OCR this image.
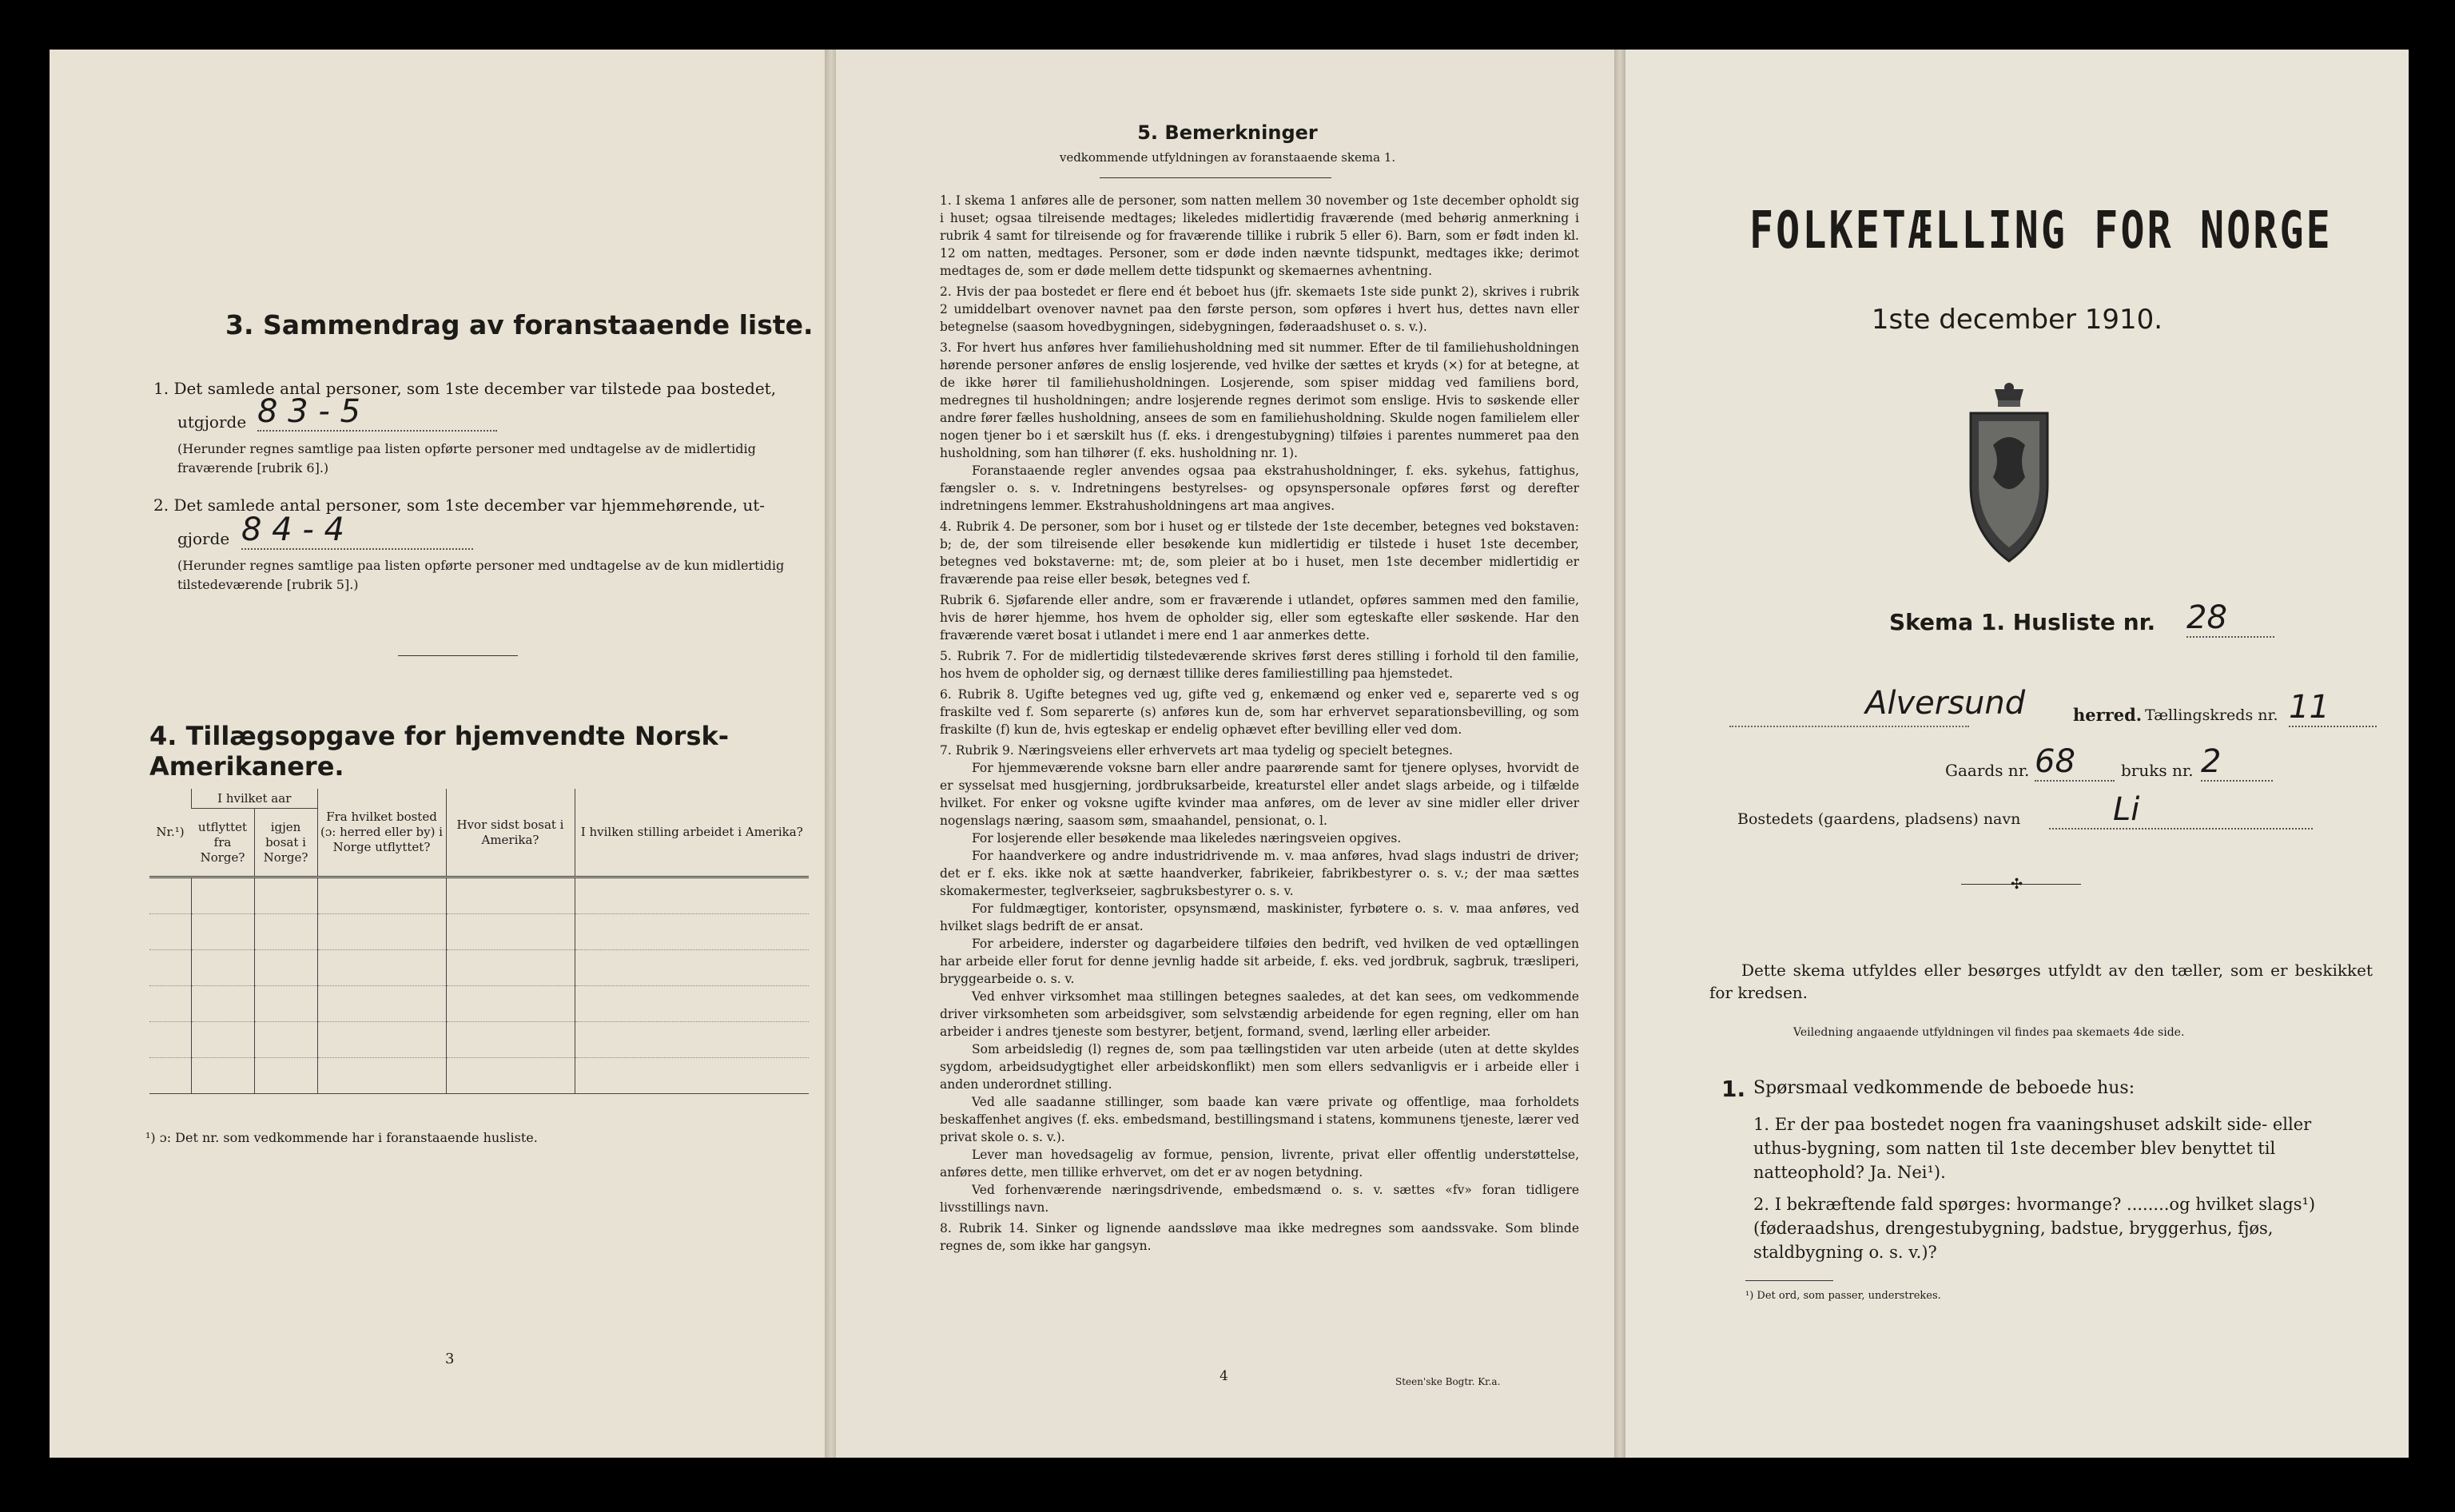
3. Sammendrag av foranstaaende liste.
1. Det samlede antal personer, som 1ste december var tilstede paa bostedet,
utgjorde 8 3 - 5
(Herunder regnes samtlige paa listen opførte personer med undtagelse av de midlertidig fraværende [rubrik 6].)
2. Det samlede antal personer, som 1ste december var hjemmehørende, ut-
gjorde 8 4 - 4
(Herunder regnes samtlige paa listen opførte personer med undtagelse av de kun midlertidig tilstedeværende [rubrik 5].)
4. Tillægsopgave for hjemvendte Norsk-Amerikanere.
Nr.¹)	I hvilket aar		Fra hvilket bosted (ɔ: herred eller by) i Norge utflyttet?	Hvor sidst bosat i Amerika?	I hvilken stilling arbeidet i Amerika?
	utflyttet fra Norge?	igjen bosat i Norge?			

¹) ɔ: Det nr. som vedkommende har i foranstaaende husliste.
3
5. Bemerkninger
vedkommende utfyldningen av foranstaaende skema 1.

1. I skema 1 anføres alle de personer, som natten mellem 30 november og 1ste december opholdt sig i huset; ogsaa tilreisende medtages; likeledes midlertidig fraværende (med behørig anmerkning i rubrik 4 samt for tilreisende og for fraværende tillike i rubrik 5 eller 6). Barn, som er født inden kl. 12 om natten, medtages. Personer, som er døde inden nævnte tidspunkt, medtages ikke; derimot medtages de, som er døde mellem dette tidspunkt og skemaernes avhentning.

2. Hvis der paa bostedet er flere end ét beboet hus (jfr. skemaets 1ste side punkt 2), skrives i rubrik 2 umiddelbart ovenover navnet paa den første person, som opføres i hvert hus, dettes navn eller betegnelse (saasom hovedbygningen, sidebygningen, føderaadshuset o. s. v.).

3. For hvert hus anføres hver familiehusholdning med sit nummer. Efter de til familiehusholdningen hørende personer anføres de enslig losjerende, ved hvilke der sættes et kryds (×) for at betegne, at de ikke hører til familiehusholdningen. Losjerende, som spiser middag ved familiens bord, medregnes til husholdningen; andre losjerende regnes derimot som enslige. Hvis to søskende eller andre fører fælles husholdning, ansees de som en familiehusholdning. Skulde nogen familielem eller nogen tjener bo i et særskilt hus (f. eks. i drengestubygning) tilføies i parentes nummeret paa den husholdning, som han tilhører (f. eks. husholdning nr. 1).

Foranstaaende regler anvendes ogsaa paa ekstrahusholdninger, f. eks. sykehus, fattighus, fængsler o. s. v. Indretningens bestyrelses- og opsynspersonale opføres først og derefter indretningens lemmer. Ekstrahusholdningens art maa angives.

4. Rubrik 4. De personer, som bor i huset og er tilstede der 1ste december, betegnes ved bokstaven: b; de, der som tilreisende eller besøkende kun midlertidig er tilstede i huset 1ste december, betegnes ved bokstaverne: mt; de, som pleier at bo i huset, men 1ste december midlertidig er fraværende paa reise eller besøk, betegnes ved f.

Rubrik 6. Sjøfarende eller andre, som er fraværende i utlandet, opføres sammen med den familie, hvis de hører hjemme, hos hvem de opholder sig, eller som egteskafte eller søskende. Har den fraværende været bosat i utlandet i mere end 1 aar anmerkes dette.

5. Rubrik 7. For de midlertidig tilstedeværende skrives først deres stilling i forhold til den familie, hos hvem de opholder sig, og dernæst tillike deres familiestilling paa hjemstedet.

6. Rubrik 8. Ugifte betegnes ved ug, gifte ved g, enkemænd og enker ved e, separerte ved s og fraskilte ved f. Som separerte (s) anføres kun de, som har erhvervet separationsbevilling, og som fraskilte (f) kun de, hvis egteskap er endelig ophævet efter bevilling eller ved dom.

7. Rubrik 9. Næringsveiens eller erhvervets art maa tydelig og specielt betegnes.

For hjemmeværende voksne barn eller andre paarørende samt for tjenere oplyses, hvorvidt de er sysselsat med husgjerning, jordbruksarbeide, kreaturstel eller andet slags arbeide, og i tilfælde hvilket. For enker og voksne ugifte kvinder maa anføres, om de lever av sine midler eller driver nogenslags næring, saasom søm, smaahandel, pensionat, o. l.

For losjerende eller besøkende maa likeledes næringsveien opgives.

For haandverkere og andre industridrivende m. v. maa anføres, hvad slags industri de driver; det er f. eks. ikke nok at sætte haandverker, fabrikeier, fabrikbestyrer o. s. v.; der maa sættes skomakermester, teglverkseier, sagbruksbestyrer o. s. v.

For fuldmægtiger, kontorister, opsynsmænd, maskinister, fyrbøtere o. s. v. maa anføres, ved hvilket slags bedrift de er ansat.

For arbeidere, inderster og dagarbeidere tilføies den bedrift, ved hvilken de ved optællingen har arbeide eller forut for denne jevnlig hadde sit arbeide, f. eks. ved jordbruk, sagbruk, træsliperi, bryggearbeide o. s. v.

Ved enhver virksomhet maa stillingen betegnes saaledes, at det kan sees, om vedkommende driver virksomheten som arbeidsgiver, som selvstændig arbeidende for egen regning, eller om han arbeider i andres tjeneste som bestyrer, betjent, formand, svend, lærling eller arbeider.

Som arbeidsledig (l) regnes de, som paa tællingstiden var uten arbeide (uten at dette skyldes sygdom, arbeidsudygtighet eller arbeidskonflikt) men som ellers sedvanligvis er i arbeide eller i anden underordnet stilling.

Ved alle saadanne stillinger, som baade kan være private og offentlige, maa forholdets beskaffenhet angives (f. eks. embedsmand, bestillingsmand i statens, kommunens tjeneste, lærer ved privat skole o. s. v.).

Lever man hovedsagelig av formue, pension, livrente, privat eller offentlig understøttelse, anføres dette, men tillike erhvervet, om det er av nogen betydning.

Ved forhenværende næringsdrivende, embedsmænd o. s. v. sættes «fv» foran tidligere livsstillings navn.

8. Rubrik 14. Sinker og lignende aandssløve maa ikke medregnes som aandssvake. Som blinde regnes de, som ikke har gangsyn.

4	Steen'ske Bogtr. Kr.a.
FOLKETÆLLING FOR NORGE
1ste december 1910.
Skema 1. Husliste nr. 28
Alversund	herred. Tællingskreds nr. 11
Gaards nr. 68	bruks nr. 2
Bostedets (gaardens, pladsens) navn	Li
✣
Dette skema utfyldes eller besørges utfyldt av den tæller, som er beskikket for kredsen.
Veiledning angaaende utfyldningen vil findes paa skemaets 4de side.
1. Spørsmaal vedkommende de beboede hus:
1. Er der paa bostedet nogen fra vaaningshuset adskilt side- eller uthus-bygning, som natten til 1ste december blev benyttet til natteophold? Ja. Nei¹).
2. I bekræftende fald spørges: hvormange? ........og hvilket slags¹) (føderaadshus, drengestubygning, badstue, bryggerhus, fjøs, staldbygning o. s. v.)?
¹) Det ord, som passer, understrekes.
